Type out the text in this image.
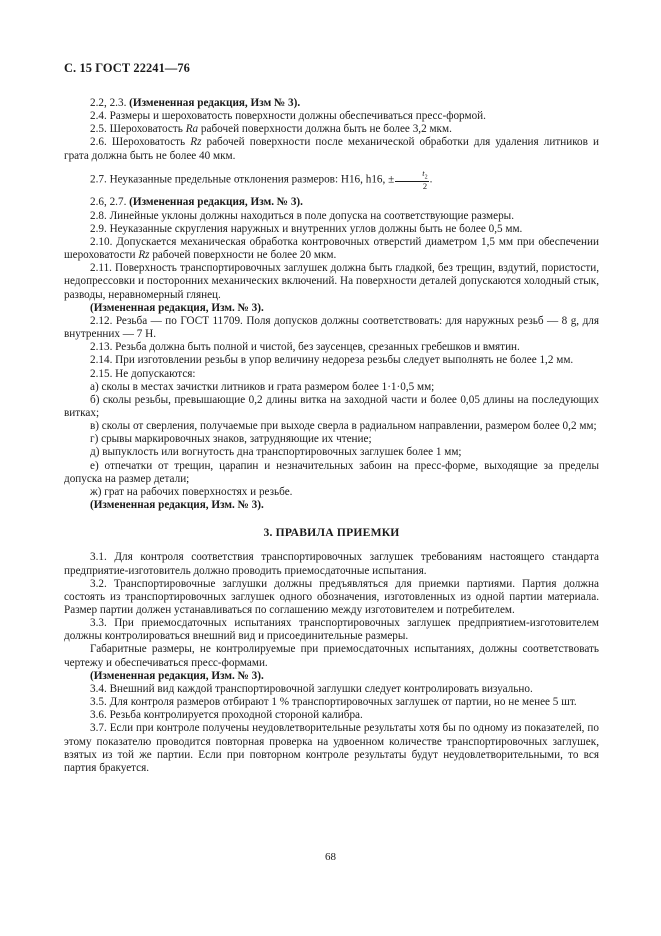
С. 15 ГОСТ 22241—76

2.2, 2.3. (Измененная редакция, Изм № 3).

2.4. Размеры и шероховатость поверхности должны обеспечиваться пресс-формой.

2.5. Шероховатость Ra рабочей поверхности должна быть не более 3,2 мкм.

2.6. Шероховатость Rz рабочей поверхности после механической обработки для удаления литников и грата должна быть не более 40 мкм.

2.7. Неуказанные предельные отклонения размеров: H16, h16, ± $\frac{t_2}{2}$ .

2.6, 2.7. (Измененная редакция, Изм. № 3).

2.8. Линейные уклоны должны находиться в поле допуска на соответствующие размеры.

2.9. Неуказанные скругления наружных и внутренних углов должны быть не более 0,5 мм.

2.10. Допускается механическая обработка контровочных отверстий диаметром 1,5 мм при обеспечении шероховатости Rz рабочей поверхности не более 20 мкм.

2.11. Поверхность транспортировочных заглушек должна быть гладкой, без трещин, вздутий, пористости, недопрессовки и посторонних механических включений. На поверхности деталей допускаются холодный стык, разводы, неравномерный глянец.

(Измененная редакция, Изм. № 3).

2.12. Резьба — по ГОСТ 11709. Поля допусков должны соответствовать: для наружных резьб — 8 g, для внутренних — 7 H.

2.13. Резьба должна быть полной и чистой, без заусенцев, срезанных гребешков и вмятин.

2.14. При изготовлении резьбы в упор величину недореза резьбы следует выполнять не более 1,2 мм.

2.15. Не допускаются:

а) сколы в местах зачистки литников и грата размером более 1·1·0,5 мм;

б) сколы резьбы, превышающие 0,2 длины витка на заходной части и более 0,05 длины на последующих витках;

в) сколы от сверления, получаемые при выходе сверла в радиальном направлении, размером более 0,2 мм;

г) срывы маркировочных знаков, затрудняющие их чтение;

д) выпуклость или вогнутость дна транспортировочных заглушек более 1 мм;

е) отпечатки от трещин, царапин и незначительных забоин на пресс-форме, выходящие за пределы допуска на размер детали;

ж) грат на рабочих поверхностях и резьбе.

(Измененная редакция, Изм. № 3).

3. ПРАВИЛА ПРИЕМКИ

3.1. Для контроля соответствия транспортировочных заглушек требованиям настоящего стандарта предприятие-изготовитель должно проводить приемосдаточные испытания.

3.2. Транспортировочные заглушки должны предъявляться для приемки партиями. Партия должна состоять из транспортировочных заглушек одного обозначения, изготовленных из одной партии материала. Размер партии должен устанавливаться по соглашению между изготовителем и потребителем.

3.3. При приемосдаточных испытаниях транспортировочных заглушек предприятием-изготовителем должны контролироваться внешний вид и присоединительные размеры.

Габаритные размеры, не контролируемые при приемосдаточных испытаниях, должны соответствовать чертежу и обеспечиваться пресс-формами.

(Измененная редакция, Изм. № 3).

3.4. Внешний вид каждой транспортировочной заглушки следует контролировать визуально.

3.5. Для контроля размеров отбирают 1 % транспортировочных заглушек от партии, но не менее 5 шт.

3.6. Резьба контролируется проходной стороной калибра.

3.7. Если при контроле получены неудовлетворительные результаты хотя бы по одному из показателей, по этому показателю проводится повторная проверка на удвоенном количестве транспортировочных заглушек, взятых из той же партии. Если при повторном контроле результаты будут неудовлетворительными, то вся партия бракуется.

68
